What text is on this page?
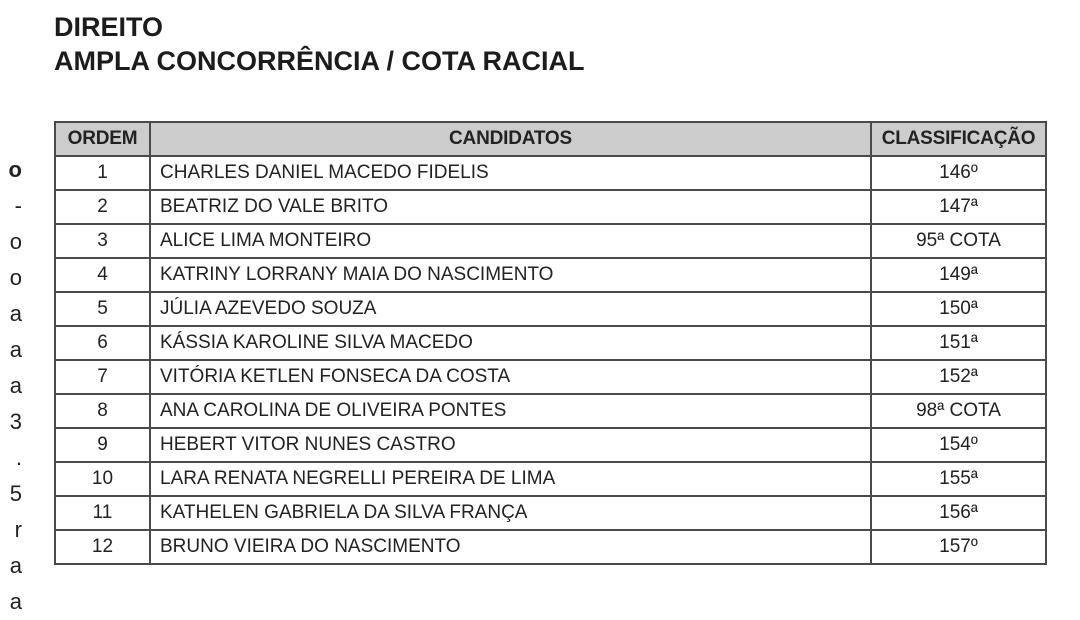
DIREITO
AMPLA CONCORRÊNCIA / COTA RACIAL
o
-
o
o
a
a
a
3
.
5
r
a
a
ORDEM	CANDIDATOS	CLASSIFICAÇÃO
1	CHARLES DANIEL MACEDO FIDELIS	146º
2	BEATRIZ DO VALE BRITO	147ª
3	ALICE LIMA MONTEIRO	95ª COTA
4	KATRINY LORRANY MAIA DO NASCIMENTO	149ª
5	JÚLIA AZEVEDO SOUZA	150ª
6	KÁSSIA KAROLINE SILVA MACEDO	151ª
7	VITÓRIA KETLEN FONSECA DA COSTA	152ª
8	ANA CAROLINA DE OLIVEIRA PONTES	98ª COTA
9	HEBERT VITOR NUNES CASTRO	154º
10	LARA RENATA NEGRELLI PEREIRA DE LIMA	155ª
11	KATHELEN GABRIELA DA SILVA FRANÇA	156ª
12	BRUNO VIEIRA DO NASCIMENTO	157º
